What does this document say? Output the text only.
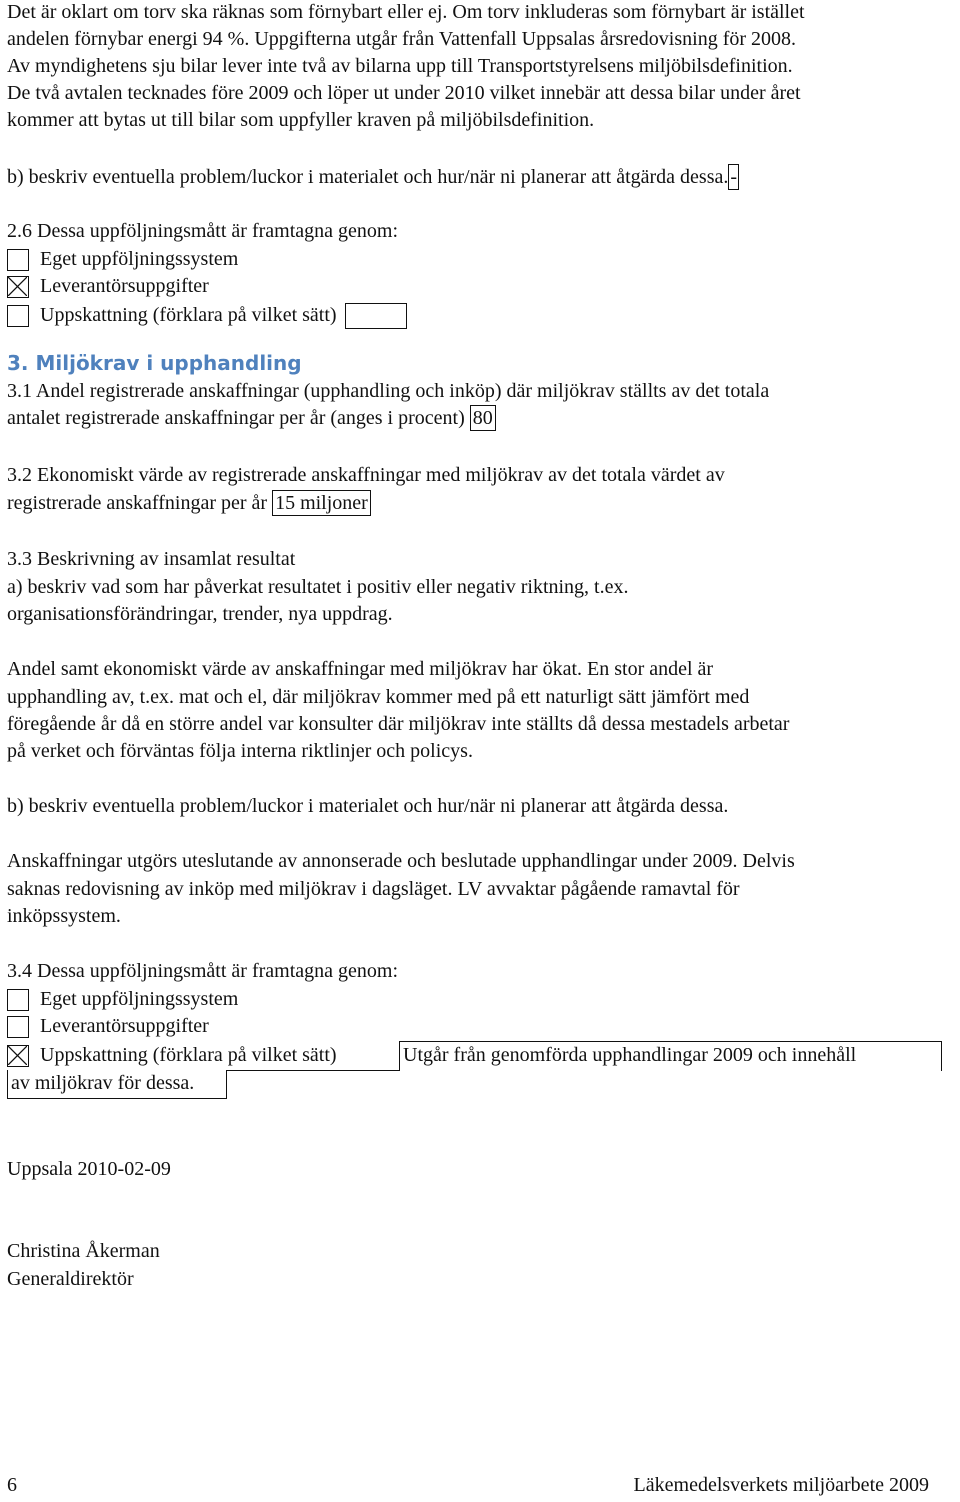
Det är oklart om torv ska räknas som förnybart eller ej. Om torv inkluderas som förnybart är istället
andelen förnybar energi 94 %. Uppgifterna utgår från Vattenfall Uppsalas årsredovisning för 2008.
Av myndighetens sju bilar lever inte två av bilarna upp till Transportstyrelsens miljöbilsdefinition.
De två avtalen tecknades före 2009 och löper ut under 2010 vilket innebär att dessa bilar under året
kommer att bytas ut till bilar som uppfyller kraven på miljöbilsdefinition.
b) beskriv eventuella problem/luckor i materialet och hur/när ni planerar att åtgärda dessa. -
2.6 Dessa uppföljningsmått är framtagna genom:
Eget uppföljningssystem
Leverantörsuppgifter
Uppskattning (förklara på vilket sätt)
3. Miljökrav i upphandling
3.1 Andel registrerade anskaffningar (upphandling och inköp) där miljökrav ställts av det totala
antalet registrerade anskaffningar per år (anges i procent) 80
3.2 Ekonomiskt värde av registrerade anskaffningar med miljökrav av det totala värdet av
registrerade anskaffningar per år 15 miljoner
3.3 Beskrivning av insamlat resultat
a) beskriv vad som har påverkat resultatet i positiv eller negativ riktning, t.ex.
organisationsförändringar, trender, nya uppdrag.
Andel samt ekonomiskt värde av anskaffningar med miljökrav har ökat. En stor andel är
upphandling av, t.ex. mat och el, där miljökrav kommer med på ett naturligt sätt jämfört med
föregående år då en större andel var konsulter där miljökrav inte ställts då dessa mestadels arbetar
på verket och förväntas följa interna riktlinjer och policys.
b) beskriv eventuella problem/luckor i materialet och hur/när ni planerar att åtgärda dessa.
Anskaffningar utgörs uteslutande av annonserade och beslutade upphandlingar under 2009. Delvis
saknas redovisning av inköp med miljökrav i dagsläget. LV avvaktar pågående ramavtal för
inköpssystem.
3.4 Dessa uppföljningsmått är framtagna genom:
Eget uppföljningssystem
Leverantörsuppgifter
Uppskattning (förklara på vilket sätt)	Utgår från genomförda upphandlingar 2009 och innehåll
av miljökrav för dessa.
Uppsala 2010-02-09
Christina Åkerman
Generaldirektör
6	Läkemedelsverkets miljöarbete 2009
